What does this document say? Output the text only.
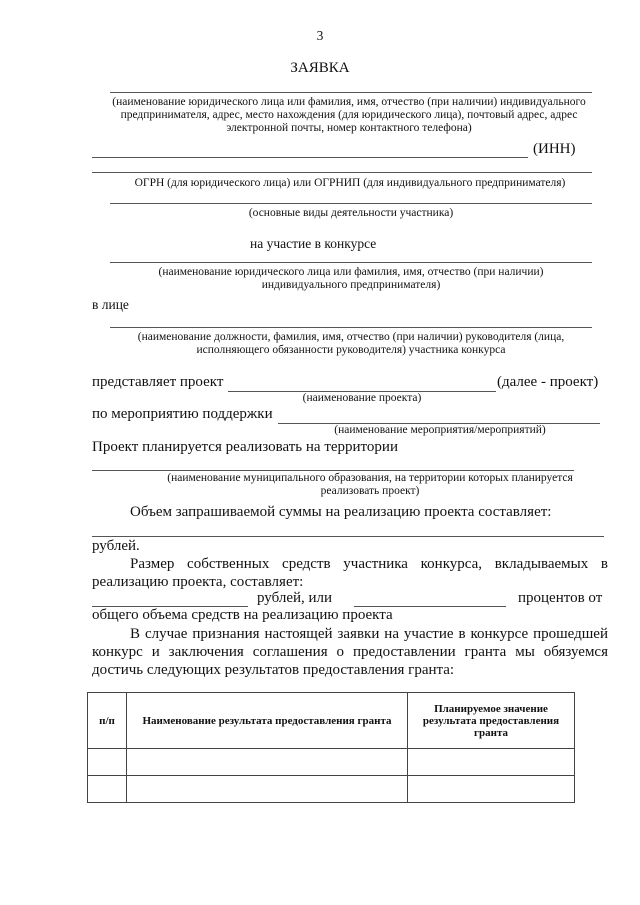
3
ЗАЯВКА
(наименование юридического лица или фамилия, имя, отчество (при наличии) индивидуального предпринимателя, адрес, место нахождения (для юридического лица), почтовый адрес, адрес электронной почты, номер контактного телефона)
(ИНН)
ОГРН (для юридического лица) или ОГРНИП (для индивидуального предпринимателя)
(основные виды деятельности участника)
на участие в конкурсе
(наименование юридического лица или фамилия, имя, отчество (при наличии) индивидуального предпринимателя)
в лице
(наименование должности, фамилия, имя, отчество (при наличии) руководителя (лица, исполняющего обязанности руководителя) участника конкурса
представляет проект	(далее - проект)
(наименование проекта)
по мероприятию поддержки
(наименование мероприятия/мероприятий)
Проект планируется реализовать на территории
(наименование муниципального образования, на территории которых планируется реализовать проект)
Объем запрашиваемой суммы на реализацию проекта составляет:
рублей.
Размер собственных средств участника конкурса, вкладываемых в реализацию проекта, составляет:
рублей, или	процентов от
общего объема средств на реализацию проекта
В случае признания настоящей заявки на участие в конкурсе прошедшей конкурс и заключения соглашения о предоставлении гранта мы обязуемся достичь следующих результатов предоставления гранта:
п/п	Наименование результата предоставления гранта	Планируемое значение результата предоставления гранта
